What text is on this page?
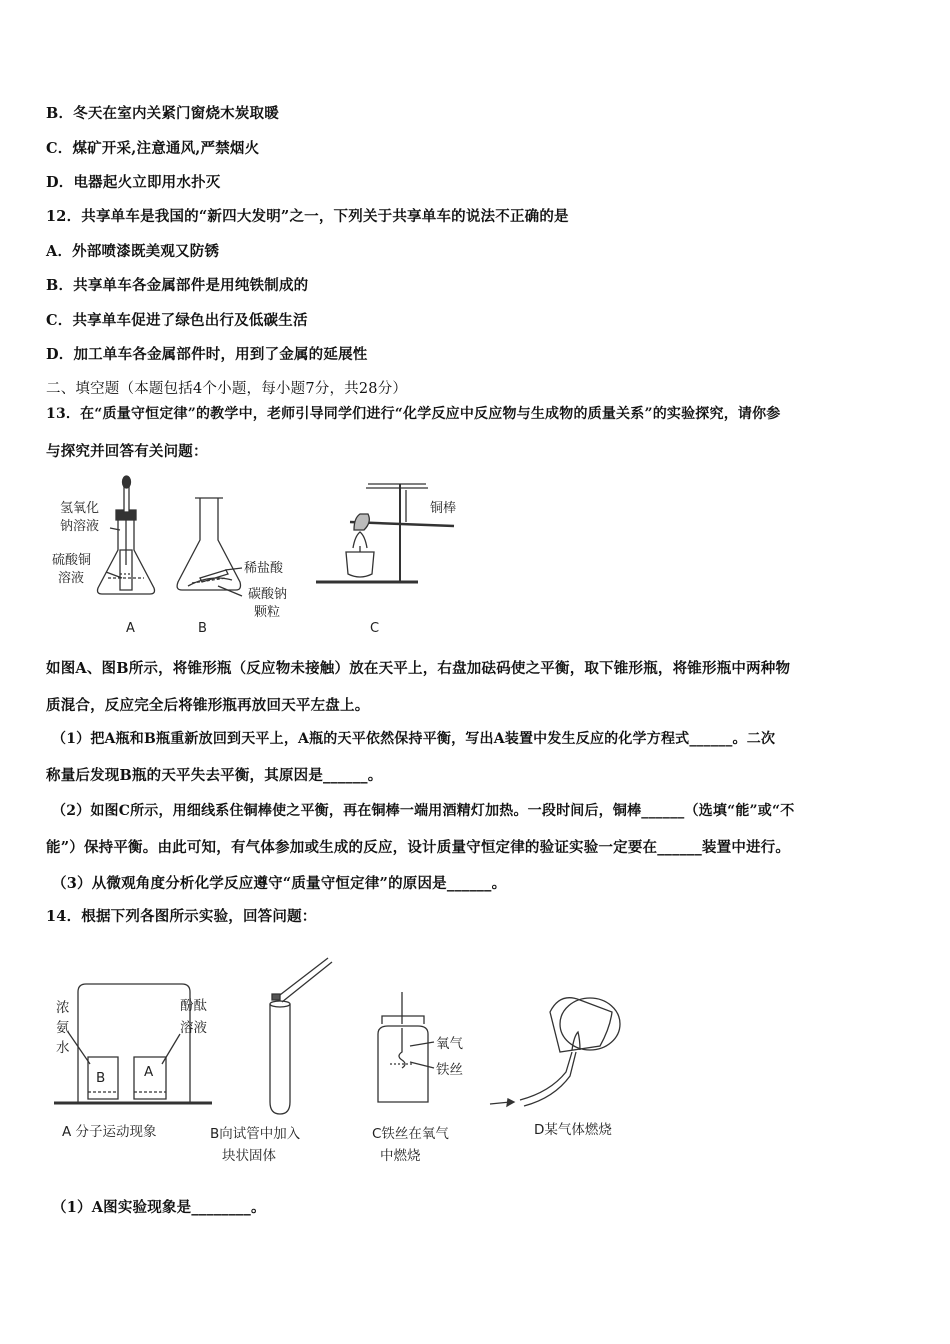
B．冬天在室内关紧门窗烧木炭取暖
C．煤矿开采,注意通风,严禁烟火
D．电器起火立即用水扑灭
12．共享单车是我国的“新四大发明”之一，下列关于共享单车的说法不正确的是
A．外部喷漆既美观又防锈
B．共享单车各金属部件是用纯铁制成的
C．共享单车促进了绿色出行及低碳生活
D．加工单车各金属部件时，用到了金属的延展性
二、填空题（本题包括4个小题，每小题7分，共28分）
13．在“质量守恒定律”的教学中，老师引导同学们进行“化学反应中反应物与生成物的质量关系”的实验探究，请你参
与探究并回答有关问题：
氢氧化
钠溶液
硫酸铜
溶液
稀盐酸
碳酸钠
颗粒
铜棒
A	B	C
如图A、图B所示，将锥形瓶（反应物未接触）放在天平上，右盘加砝码使之平衡，取下锥形瓶，将锥形瓶中两种物
质混合，反应完全后将锥形瓶再放回天平左盘上。
（1）把A瓶和B瓶重新放回到天平上，A瓶的天平依然保持平衡，写出A装置中发生反应的化学方程式______。二次
称量后发现B瓶的天平失去平衡，其原因是______。
（2）如图C所示，用细线系住铜棒使之平衡，再在铜棒一端用酒精灯加热。一段时间后，铜棒______（选填“能”或“不
能”）保持平衡。由此可知，有气体参加或生成的反应，设计质量守恒定律的验证实验一定要在______装置中进行。
（3）从微观角度分析化学反应遵守“质量守恒定律”的原因是______。
14．根据下列各图所示实验，回答问题：
浓
氨
水
酚酞
溶液
B	A
氧气
铁丝
A 分子运动现象	B向试管中加入
块状固体
C铁丝在氧气
中燃烧
D某气体燃烧
（1）A图实验现象是________。
